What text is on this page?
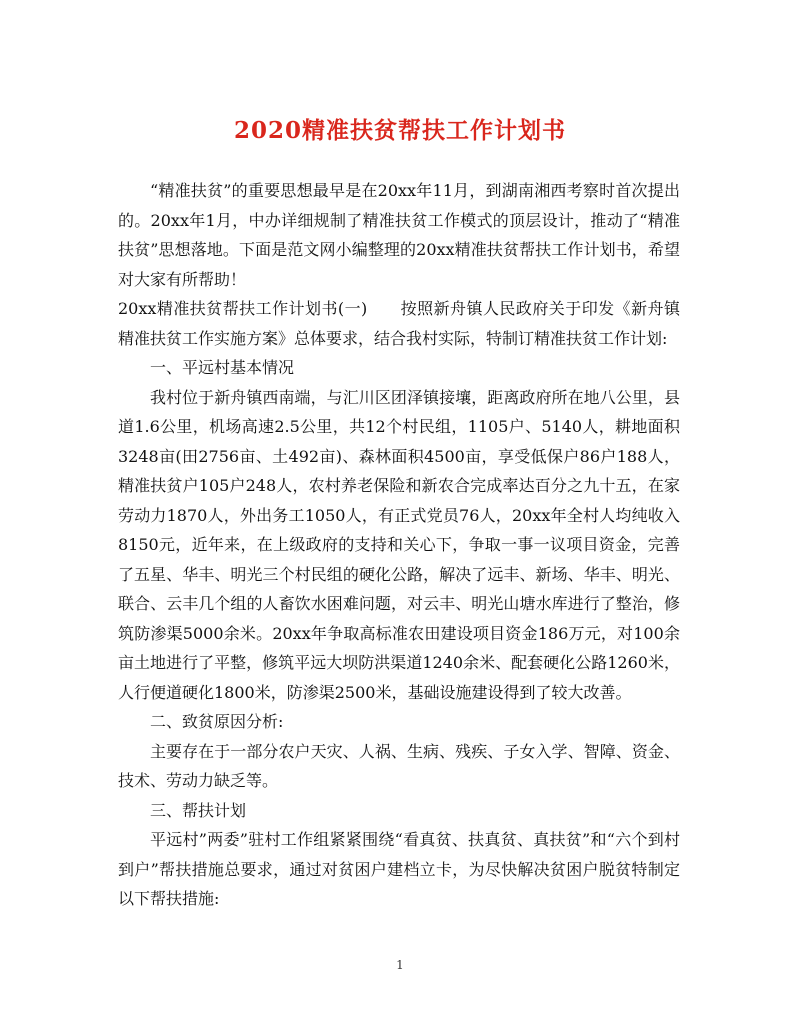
2020精准扶贫帮扶工作计划书

“精准扶贫”的重要思想最早是在20xx年11月，到湖南湘西考察时首次提出的。20xx年1月，中办详细规制了精准扶贫工作模式的顶层设计，推动了“精准扶贫”思想落地。下面是范文网小编整理的20xx精准扶贫帮扶工作计划书，希望对大家有所帮助！

20xx精准扶贫帮扶工作计划书(一)　　按照新舟镇人民政府关于印发《新舟镇精准扶贫工作实施方案》总体要求，结合我村实际，特制订精准扶贫工作计划:

一、平远村基本情况

我村位于新舟镇西南端，与汇川区团泽镇接壤，距离政府所在地八公里，县道1.6公里，机场高速2.5公里，共12个村民组，1105户、5140人，耕地面积3248亩(田2756亩、土492亩)、森林面积4500亩，享受低保户86户188人，精准扶贫户105户248人，农村养老保险和新农合完成率达百分之九十五，在家劳动力1870人，外出务工1050人，有正式党员76人，20xx年全村人均纯收入8150元，近年来，在上级政府的支持和关心下，争取一事一议项目资金，完善了五星、华丰、明光三个村民组的硬化公路，解决了远丰、新场、华丰、明光、联合、云丰几个组的人畜饮水困难问题，对云丰、明光山塘水库进行了整治，修筑防渗渠5000余米。20xx年争取高标准农田建设项目资金186万元，对100余亩土地进行了平整，修筑平远大坝防洪渠道1240余米、配套硬化公路1260米，人行便道硬化1800米，防渗渠2500米，基础设施建设得到了较大改善。

二、致贫原因分析:

主要存在于一部分农户天灾、人祸、生病、残疾、子女入学、智障、资金、技术、劳动力缺乏等。

三、帮扶计划

平远村”两委”驻村工作组紧紧围绕“看真贫、扶真贫、真扶贫”和“六个到村到户”帮扶措施总要求，通过对贫困户建档立卡，为尽快解决贫困户脱贫特制定以下帮扶措施:

1
